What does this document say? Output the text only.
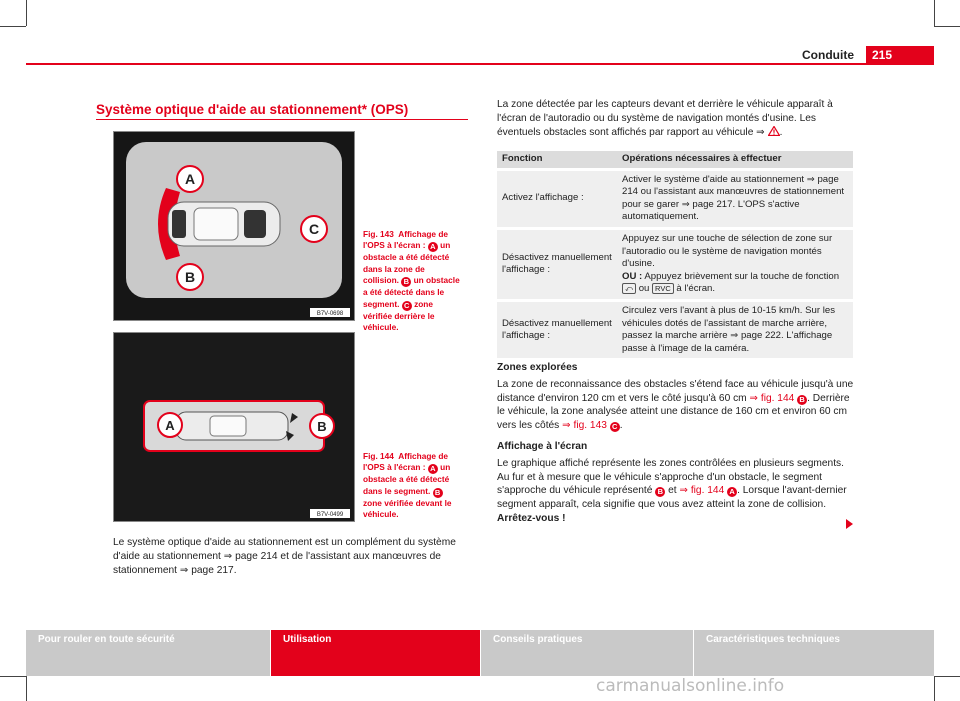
Conduite 215
Système optique d'aide au stationnement* (OPS)
A
C
B
B7V-0698
Fig. 143 Affichage de l'OPS à l'écran : A un obstacle a été détecté dans la zone de collision. B un obstacle a été détecté dans le segment. C zone vérifiée derrière le véhicule.
A	B
B7V-0499
Fig. 144 Affichage de l'OPS à l'écran : A un obstacle a été détecté dans le segment. B zone vérifiée devant le véhicule.
Le système optique d'aide au stationnement est un complément du système d'aide au stationnement ⇒ page 214 et de l'assistant aux manœuvres de stationnement ⇒ page 217.
La zone détectée par les capteurs devant et derrière le véhicule apparaît à l'écran de l'autoradio ou du système de navigation montés d'usine. Les éventuels obstacles sont affichés par rapport au véhicule ⇒ .
Fonction	Opérations nécessaires à effectuer
Activez l'affichage :	Activer le système d'aide au stationnement ⇒ page 214 ou l'assistant aux manœuvres de stationnement pour se garer ⇒ page 217. L'OPS s'active automatiquement.
Désactivez manuellement l'affichage :	Appuyez sur une touche de sélection de zone sur l'autoradio ou le système de navigation montés d'usine.
OU : Appuyez brièvement sur la touche de fonction ⤺ ou RVC à l'écran.
Désactivez manuellement l'affichage :	Circulez vers l'avant à plus de 10-15 km/h. Sur les véhicules dotés de l'assistant de marche arrière, passez la marche arrière ⇒ page 222. L'affichage passe à l'image de la caméra.
Zones explorées
La zone de reconnaissance des obstacles s'étend face au véhicule jusqu'à une distance d'environ 120 cm et vers le côté jusqu'à 60 cm ⇒ fig. 144 B . Derrière le véhicule, la zone analysée atteint une distance de 160 cm et environ 60 cm vers les côtés ⇒ fig. 143 C .
Affichage à l'écran
Le graphique affiché représente les zones contrôlées en plusieurs segments. Au fur et à mesure que le véhicule s'approche d'un obstacle, le segment s'approche du véhicule représenté B et ⇒ fig. 144 A . Lorsque l'avant-dernier segment apparaît, cela signifie que vous avez atteint la zone de collision. Arrêtez-vous !
Pour rouler en toute sécurité	Utilisation	Conseils pratiques	Caractéristiques techniques
carmanualsonline.info
